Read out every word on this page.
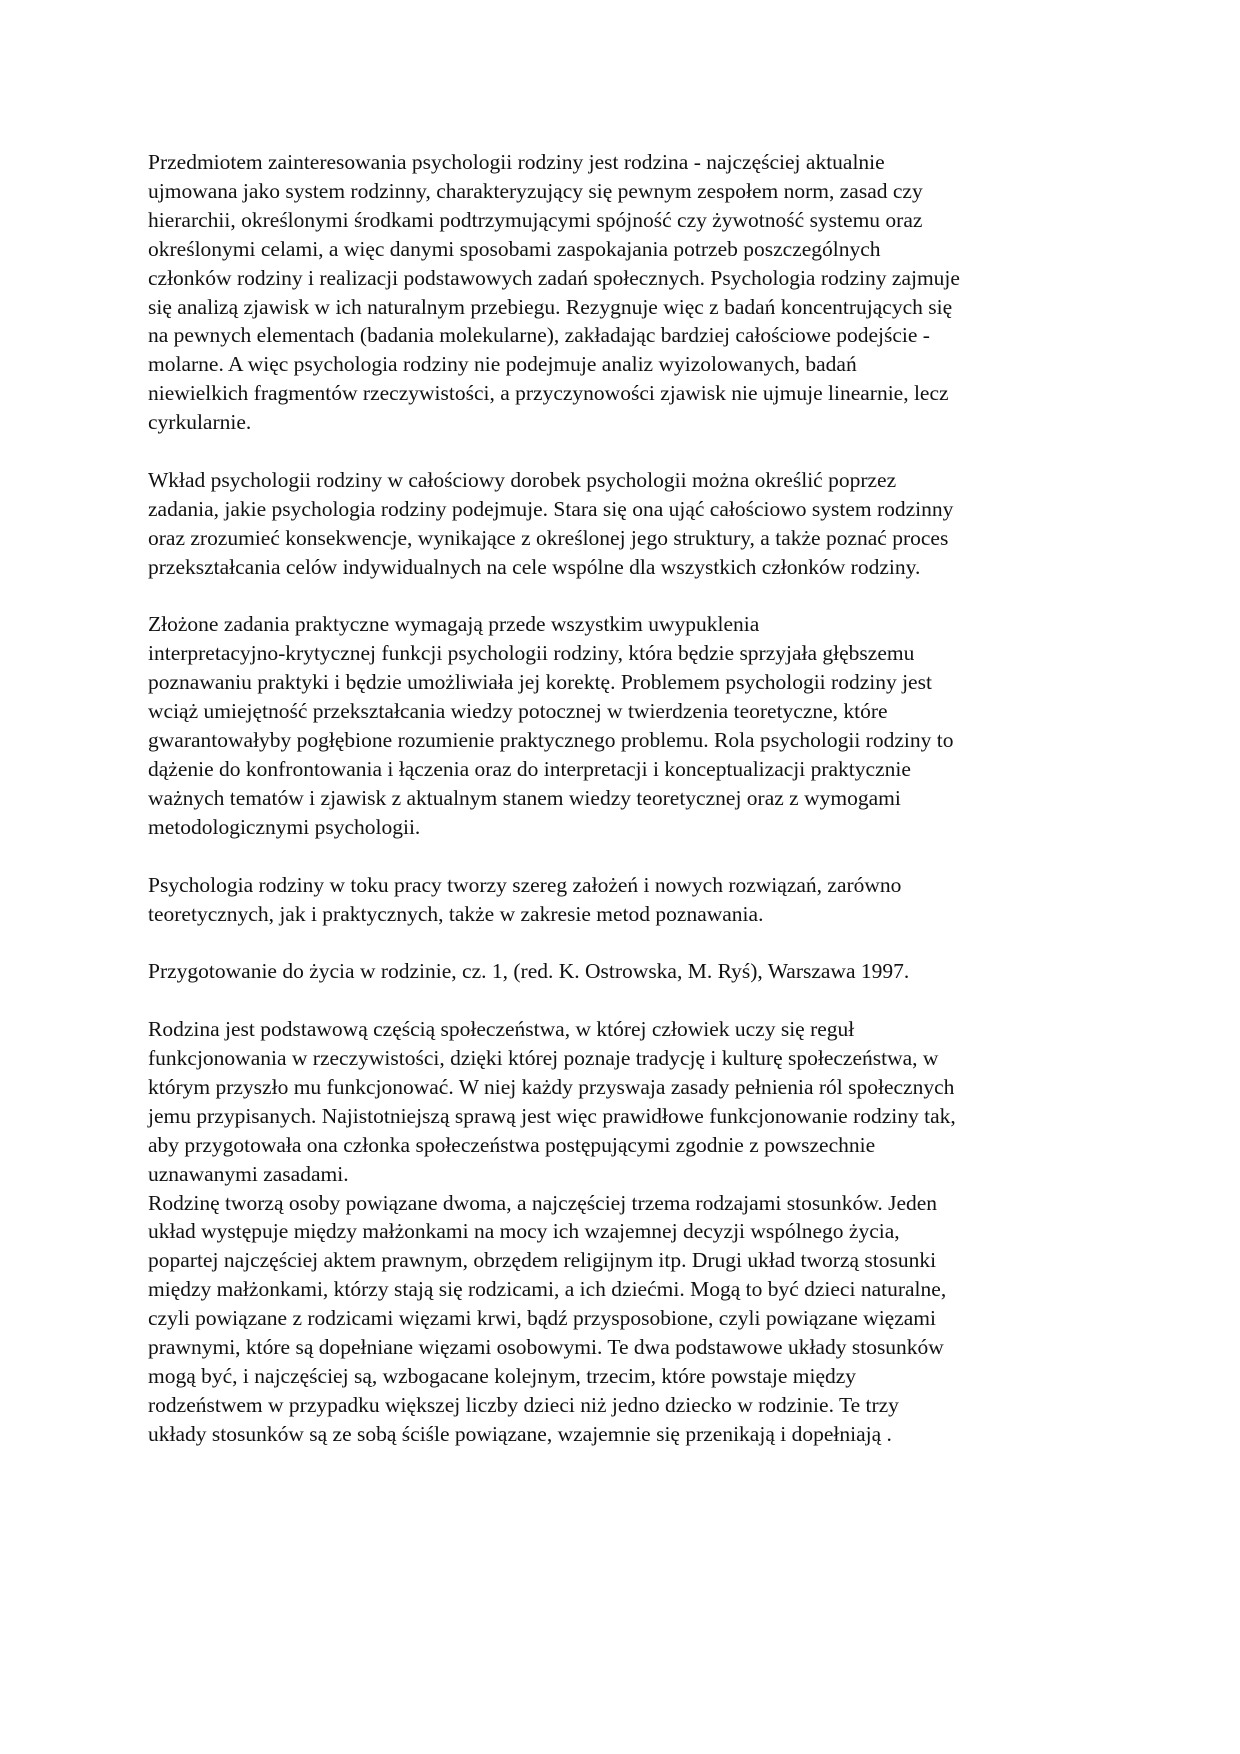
Przedmiotem zainteresowania psychologii rodziny jest rodzina - najczęściej aktualnie
ujmowana jako system rodzinny, charakteryzujący się pewnym zespołem norm, zasad czy
hierarchii, określonymi środkami podtrzymującymi spójność czy żywotność systemu oraz
określonymi celami, a więc danymi sposobami zaspokajania potrzeb poszczególnych
członków rodziny i realizacji podstawowych zadań społecznych. Psychologia rodziny zajmuje
się analizą zjawisk w ich naturalnym przebiegu. Rezygnuje więc z badań koncentrujących się
na pewnych elementach (badania molekularne), zakładając bardziej całościowe podejście -
molarne. A więc psychologia rodziny nie podejmuje analiz wyizolowanych, badań
niewielkich fragmentów rzeczywistości, a przyczynowości zjawisk nie ujmuje linearnie, lecz
cyrkularnie.

Wkład psychologii rodziny w całościowy dorobek psychologii można określić poprzez
zadania, jakie psychologia rodziny podejmuje. Stara się ona ująć całościowo system rodzinny
oraz zrozumieć konsekwencje, wynikające z określonej jego struktury, a także poznać proces
przekształcania celów indywidualnych na cele wspólne dla wszystkich członków rodziny.

Złożone zadania praktyczne wymagają przede wszystkim uwypuklenia
interpretacyjno-krytycznej funkcji psychologii rodziny, która będzie sprzyjała głębszemu
poznawaniu praktyki i będzie umożliwiała jej korektę. Problemem psychologii rodziny jest
wciąż umiejętność przekształcania wiedzy potocznej w twierdzenia teoretyczne, które
gwarantowałyby pogłębione rozumienie praktycznego problemu. Rola psychologii rodziny to
dążenie do konfrontowania i łączenia oraz do interpretacji i konceptualizacji praktycznie
ważnych tematów i zjawisk z aktualnym stanem wiedzy teoretycznej oraz z wymogami
metodologicznymi psychologii.

Psychologia rodziny w toku pracy tworzy szereg założeń i nowych rozwiązań, zarówno
teoretycznych, jak i praktycznych, także w zakresie metod poznawania.

Przygotowanie do życia w rodzinie, cz. 1, (red. K. Ostrowska, M. Ryś), Warszawa 1997.

Rodzina jest podstawową częścią społeczeństwa, w której człowiek uczy się reguł
funkcjonowania w rzeczywistości, dzięki której poznaje tradycję i kulturę społeczeństwa, w
którym przyszło mu funkcjonować. W niej każdy przyswaja zasady pełnienia ról społecznych
jemu przypisanych. Najistotniejszą sprawą jest więc prawidłowe funkcjonowanie rodziny tak,
aby przygotowała ona członka społeczeństwa postępującymi zgodnie z powszechnie
uznawanymi zasadami.

Rodzinę tworzą osoby powiązane dwoma, a najczęściej trzema rodzajami stosunków. Jeden
układ występuje między małżonkami na mocy ich wzajemnej decyzji wspólnego życia,
popartej najczęściej aktem prawnym, obrzędem religijnym itp. Drugi układ tworzą stosunki
między małżonkami, którzy stają się rodzicami, a ich dziećmi. Mogą to być dzieci naturalne,
czyli powiązane z rodzicami więzami krwi, bądź przysposobione, czyli powiązane więzami
prawnymi, które są dopełniane więzami osobowymi. Te dwa podstawowe układy stosunków
mogą być, i najczęściej są, wzbogacane kolejnym, trzecim, które powstaje między
rodzeństwem w przypadku większej liczby dzieci niż jedno dziecko w rodzinie. Te trzy
układy stosunków są ze sobą ściśle powiązane, wzajemnie się przenikają i dopełniają .
